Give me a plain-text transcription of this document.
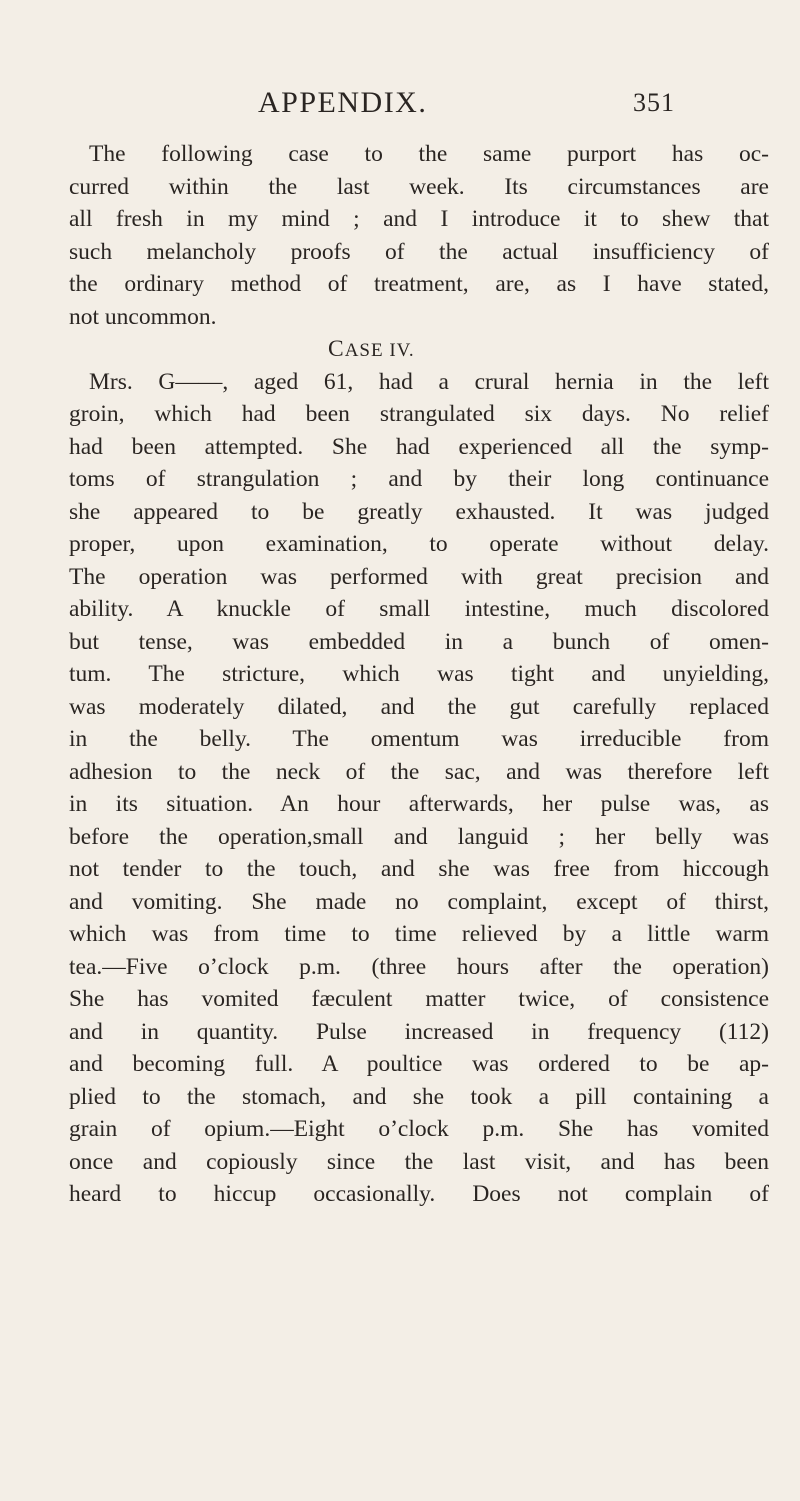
APPENDIX.	351
The following case to the same purport has oc-
curred within the last week. Its circumstances are
all fresh in my mind ; and I introduce it to shew that
such melancholy proofs of the actual insufficiency of
the ordinary method of treatment, are, as I have stated,
not uncommon.
CASE IV.
Mrs. G——, aged 61, had a crural hernia in the left
groin, which had been strangulated six days. No relief
had been attempted. She had experienced all the symp-
toms of strangulation ; and by their long continuance
she appeared to be greatly exhausted. It was judged
proper, upon examination, to operate without delay.
The operation was performed with great precision and
ability. A knuckle of small intestine, much discolored
but tense, was embedded in a bunch of omen-
tum. The stricture, which was tight and unyielding,
was moderately dilated, and the gut carefully replaced
in the belly. The omentum was irreducible from
adhesion to the neck of the sac, and was therefore left
in its situation. An hour afterwards, her pulse was, as
before the operation,small and languid ; her belly was
not tender to the touch, and she was free from hiccough
and vomiting. She made no complaint, except of thirst,
which was from time to time relieved by a little warm
tea.—Five o’clock p.m. (three hours after the operation)
She has vomited fæculent matter twice, of consistence
and in quantity. Pulse increased in frequency (112)
and becoming full. A poultice was ordered to be ap-
plied to the stomach, and she took a pill containing a
grain of opium.—Eight o’clock p.m. She has vomited
once and copiously since the last visit, and has been
heard to hiccup occasionally. Does not complain of
